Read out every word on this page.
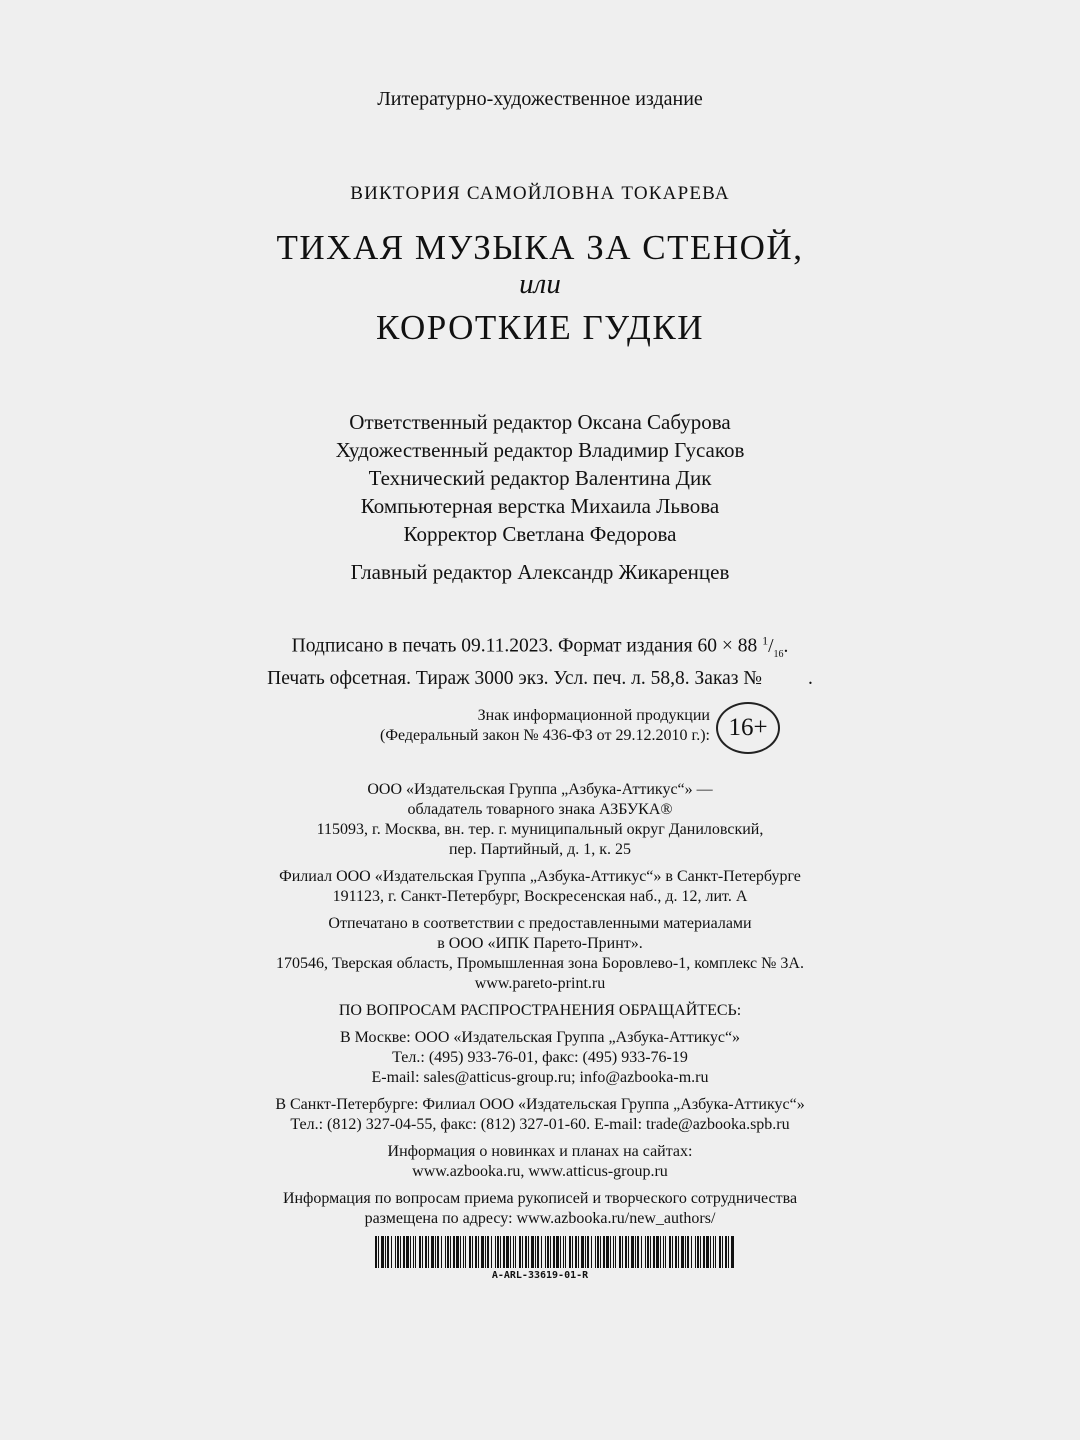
Литературно-художественное издание
ВИКТОРИЯ САМОЙЛОВНА ТОКАРЕВА
ТИХАЯ МУЗЫКА ЗА СТЕНОЙ,
или
КОРОТКИЕ ГУДКИ
Ответственный редактор Оксана Сабурова
Художественный редактор Владимир Гусаков
Технический редактор Валентина Дик
Компьютерная верстка Михаила Львова
Корректор Светлана Федорова
Главный редактор Александр Жикаренцев
Подписано в печать 09.11.2023. Формат издания 60 × 88 $^1/_{16}$.
Печать офсетная. Тираж 3000 экз. Усл. печ. л. 58,8. Заказ № .
Знак информационной продукции
(Федеральный закон № 436-ФЗ от 29.12.2010 г.): 16+
ООО «Издательская Группа „Азбука-Аттикус“» —
обладатель товарного знака АЗБУКА®
115093, г. Москва, вн. тер. г. муниципальный округ Даниловский,
пер. Партийный, д. 1, к. 25
Филиал ООО «Издательская Группа „Азбука-Аттикус“» в Санкт-Петербурге
191123, г. Санкт-Петербург, Воскресенская наб., д. 12, лит. А
Отпечатано в соответствии с предоставленными материалами
в ООО «ИПК Парето-Принт».
170546, Тверская область, Промышленная зона Боровлево-1, комплекс № 3А.
www.pareto-print.ru
ПО ВОПРОСАМ РАСПРОСТРАНЕНИЯ ОБРАЩАЙТЕСЬ:
В Москве: ООО «Издательская Группа „Азбука-Аттикус“»
Тел.: (495) 933-76-01, факс: (495) 933-76-19
E-mail: sales@atticus-group.ru; info@azbooka-m.ru
В Санкт-Петербурге: Филиал ООО «Издательская Группа „Азбука-Аттикус“»
Тел.: (812) 327-04-55, факс: (812) 327-01-60. E-mail: trade@azbooka.spb.ru
Информация о новинках и планах на сайтах:
www.azbooka.ru, www.atticus-group.ru
Информация по вопросам приема рукописей и творческого сотрудничества
размещена по адресу: www.azbooka.ru/new_authors/
A-ARL-33619-01-R
